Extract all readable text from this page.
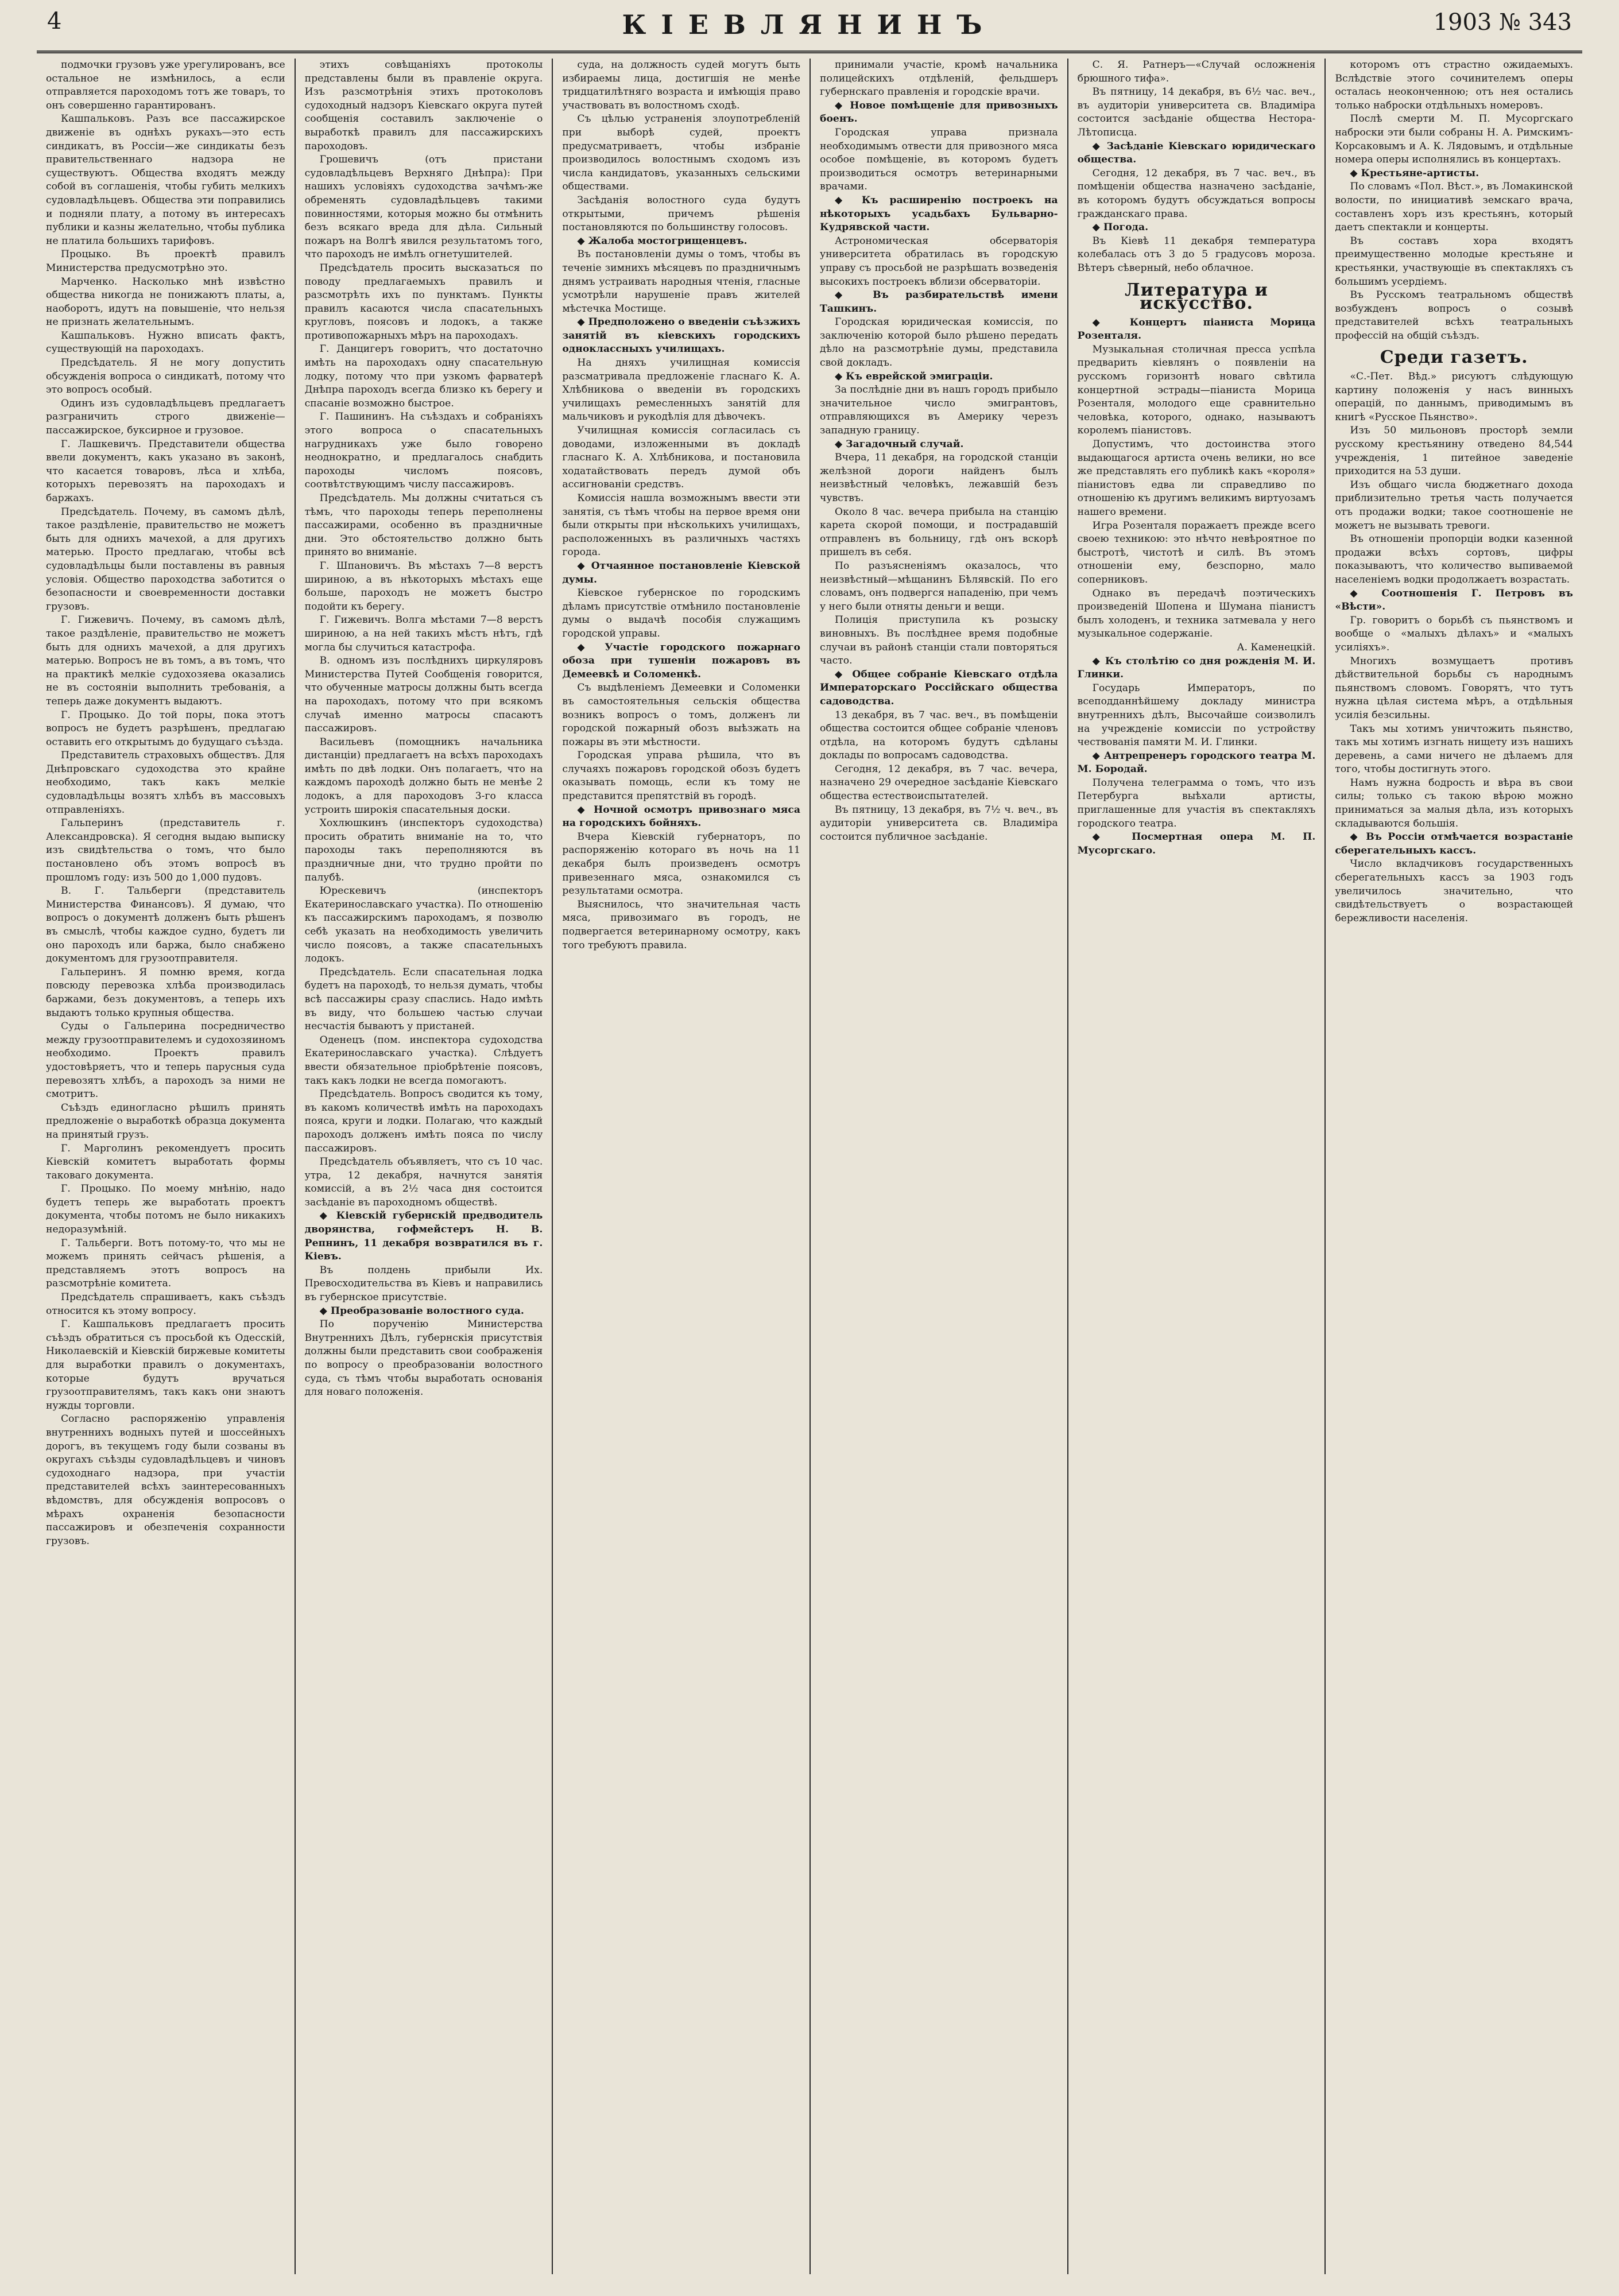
4	КІЕВЛЯНИНЪ	1903 № 343

подмочки грузовъ уже урегулированъ, все остальное не измѣнилось, а если отправляется пароходомъ тотъ же товаръ, то онъ совершенно гарантированъ.

Кашпальковъ. Разъ все пассажирское движеніе въ однѣхъ рукахъ—это есть синдикатъ, въ Россіи—же синдикаты безъ правительственнаго надзора не существуютъ. Общества входятъ между собой въ соглашенія, чтобы губить мелкихъ судовладѣльцевъ. Общества эти поправились и подняли плату, а потому въ интересахъ публики и казны желательно, чтобы публика не платила большихъ тарифовъ.

Процыко. Въ проектѣ правилъ Министерства предусмотрѣно это.

Марченко. Насколько мнѣ извѣстно общества никогда не понижаютъ платы, а, наоборотъ, идутъ на повышеніе, что нельзя не признать желательнымъ.

Кашпальковъ. Нужно вписать фактъ, существующій на пароходахъ.

Предсѣдатель. Я не могу допустить обсужденія вопроса о синдикатѣ, потому что это вопросъ особый.

Одинъ изъ судовладѣльцевъ предлагаетъ разграничить строго движеніе—пассажирское, буксирное и грузовое.

Г. Лашкевичъ. Представители общества ввели документъ, какъ указано въ законѣ, что касается товаровъ, лѣса и хлѣба, которыхъ перевозятъ на пароходахъ и баржахъ.

Предсѣдатель. Почему, въ самомъ дѣлѣ, такое раздѣленіе, правительство не можетъ быть для однихъ мачехой, а для другихъ матерью. Просто предлагаю, чтобы всѣ судовладѣльцы были поставлены въ равныя условія. Общество пароходства заботится о безопасности и своевременности доставки грузовъ.

Г. Гижевичъ. Почему, въ самомъ дѣлѣ, такое раздѣленіе, правительство не можетъ быть для однихъ мачехой, а для другихъ матерью. Вопросъ не въ томъ, а въ томъ, что на практикѣ мелкіе судохозяева оказались не въ состояніи выполнить требованія, а теперь даже документъ выдаютъ.

Г. Процыко. До той поры, пока этотъ вопросъ не будетъ разрѣшенъ, предлагаю оставить его открытымъ до будущаго съѣзда.

Представитель страховыхъ обществъ. Для Днѣпровскаго судоходства это крайне необходимо, такъ какъ мелкіе судовладѣльцы возятъ хлѣбъ въ массовыхъ отправленіяхъ.

Гальперинъ (представитель г. Александровска). Я сегодня выдаю выписку изъ свидѣтельства о томъ, что было постановлено объ этомъ вопросѣ въ прошломъ году: изъ 500 до 1,000 пудовъ.

В. Г. Тальберги (представитель Министерства Финансовъ). Я думаю, что вопросъ о документѣ долженъ быть рѣшенъ въ смыслѣ, чтобы каждое судно, будетъ ли оно пароходъ или баржа, было снабжено документомъ для грузоотправителя.

Гальперинъ. Я помню время, когда повсюду перевозка хлѣба производилась баржами, безъ документовъ, а теперь ихъ выдаютъ только крупныя общества.

Суды о Гальперина посредничество между грузоотправителемъ и судохозяиномъ необходимо. Проектъ правилъ удостовѣряетъ, что и теперь парусныя суда перевозятъ хлѣбъ, а пароходъ за ними не смотритъ.

Съѣздъ единогласно рѣшилъ принять предложеніе о выработкѣ образца документа на принятый грузъ.

Г. Марголинъ рекомендуетъ просить Кіевскій комитетъ выработать формы таковаго документа.

Г. Процыко. По моему мнѣнію, надо будетъ теперь же выработать проектъ документа, чтобы потомъ не было никакихъ недоразумѣній.

Г. Тальберги. Вотъ потому-то, что мы не можемъ принять сейчасъ рѣшенія, а представляемъ этотъ вопросъ на разсмотрѣніе комитета.

Предсѣдатель спрашиваетъ, какъ съѣздъ относится къ этому вопросу.

Г. Кашпальковъ предлагаетъ просить съѣздъ обратиться съ просьбой къ Одесскій, Николаевскій и Кіевскій биржевые комитеты для выработки правилъ о документахъ, которые будутъ вручаться грузоотправителямъ, такъ какъ они знаютъ нужды торговли.

Согласно распоряженію управленія внутреннихъ водныхъ путей и шоссейныхъ дорогъ, въ текущемъ году были созваны въ округахъ съѣзды судовладѣльцевъ и чиновъ судоходнаго надзора, при участіи представителей всѣхъ заинтересованныхъ вѣдомствъ, для обсужденія вопросовъ о мѣрахъ охраненія безопасности пассажировъ и обезпеченія сохранности грузовъ.

этихъ совѣщаніяхъ протоколы представлены были въ правленіе округа. Изъ разсмотрѣнія этихъ протоколовъ судоходный надзоръ Кіевскаго округа путей сообщенія составилъ заключеніе о выработкѣ правилъ для пассажирскихъ пароходовъ.

Грошевичъ (отъ пристани судовладѣльцевъ Верхняго Днѣпра): При нашихъ условіяхъ судоходства зачѣмъ-же обременять судовладѣльцевъ такими повинностями, которыя можно бы отмѣнить безъ всякаго вреда для дѣла. Сильный пожаръ на Волгѣ явился результатомъ того, что пароходъ не имѣлъ огнетушителей.

Предсѣдатель просить высказаться по поводу предлагаемыхъ правилъ и разсмотрѣть ихъ по пунктамъ. Пункты правилъ касаются числа спасательныхъ кругловъ, поясовъ и лодокъ, а также противопожарныхъ мѣръ на пароходахъ.

Г. Данцигеръ говоритъ, что достаточно имѣть на пароходахъ одну спасательную лодку, потому что при узкомъ фарватерѣ Днѣпра пароходъ всегда близко къ берегу и спасаніе возможно быстрое.

Г. Пашининъ. На съѣздахъ и собраніяхъ этого вопроса о спасательныхъ нагрудникахъ уже было говорено неоднократно, и предлагалось снабдить пароходы числомъ поясовъ, соотвѣтствующимъ числу пассажировъ.

Предсѣдатель. Мы должны считаться съ тѣмъ, что пароходы теперь переполнены пассажирами, особенно въ праздничные дни. Это обстоятельство должно быть принято во вниманіе.

Г. Шпановичъ. Въ мѣстахъ 7—8 верстъ шириною, а въ нѣкоторыхъ мѣстахъ еще больше, пароходъ не можетъ быстро подойти къ берегу.

Г. Гижевичъ. Волга мѣстами 7—8 верстъ шириною, а на ней такихъ мѣстъ нѣтъ, гдѣ могла бы случиться катастрофа.

В. одномъ изъ послѣднихъ циркуляровъ Министерства Путей Сообщенія говорится, что обученные матросы должны быть всегда на пароходахъ, потому что при всякомъ случаѣ именно матросы спасаютъ пассажировъ.

Васильевъ (помощникъ начальника дистанціи) предлагаетъ на всѣхъ пароходахъ имѣть по двѣ лодки. Онъ полагаетъ, что на каждомъ пароходѣ должно быть не менѣе 2 лодокъ, а для пароходовъ 3-го класса устроить широкія спасательныя доски.

Хохлюшкинъ (инспекторъ судоходства) просить обратить вниманіе на то, что пароходы такъ переполняются въ праздничные дни, что трудно пройти по палубѣ.

Юрескевичъ (инспекторъ Екатеринославскаго участка). По отношенію къ пассажирскимъ пароходамъ, я позволю себѣ указать на необходимость увеличить число поясовъ, а также спасательныхъ лодокъ.

Предсѣдатель. Если спасательная лодка будетъ на пароходѣ, то нельзя думать, чтобы всѣ пассажиры сразу спаслись. Надо имѣть въ виду, что большею частью случаи несчастія бываютъ у пристаней.

Оденецъ (пом. инспектора судоходства Екатеринославскаго участка). Слѣдуетъ ввести обязательное пріобрѣтеніе поясовъ, такъ какъ лодки не всегда помогаютъ.

Предсѣдатель. Вопросъ сводится къ тому, въ какомъ количествѣ имѣть на пароходахъ пояса, круги и лодки. Полагаю, что каждый пароходъ долженъ имѣть пояса по числу пассажировъ.

Предсѣдатель объявляетъ, что съ 10 час. утра, 12 декабря, начнутся занятія комиссій, а въ 2½ часа дня состоится засѣданіе въ пароходномъ обществѣ.

◆ Кіевскій губернскій предводитель дворянства, гофмейстеръ Н. В. Репнинъ, 11 декабря возвратился въ г. Кіевъ.

Въ полдень прибыли Их. Превосходительства въ Кіевъ и направились въ губернское присутствіе.

◆ Преобразованіе волостного суда.

По порученію Министерства Внутреннихъ Дѣлъ, губернскія присутствія должны были представить свои соображенія по вопросу о преобразованіи волостного суда, съ тѣмъ чтобы выработать основанія для новаго положенія.

суда, на должность судей могутъ быть избираемы лица, достигшія не менѣе тридцатилѣтняго возраста и имѣющія право участвовать въ волостномъ сходѣ.

Съ цѣлью устраненія злоупотребленій при выборѣ судей, проектъ предусматриваетъ, чтобы избраніе производилось волостнымъ сходомъ изъ числа кандидатовъ, указанныхъ сельскими обществами.

Засѣданія волостного суда будутъ открытыми, причемъ рѣшенія постановляются по большинству голосовъ.

◆ Жалоба мостогрищенцевъ.

Въ постановленіи думы о томъ, чтобы въ теченіе зимнихъ мѣсяцевъ по праздничнымъ днямъ устраивать народныя чтенія, гласные усмотрѣли нарушеніе правъ жителей мѣстечка Мостище.

◆ Предположено о введеніи съѣзжихъ занятій въ кіевскихъ городскихъ одноклассныхъ училищахъ.

На дняхъ училищная комиссія разсматривала предложеніе гласнаго К. А. Хлѣбникова о введеніи въ городскихъ училищахъ ремесленныхъ занятій для мальчиковъ и рукодѣлія для дѣвочекъ.

Училищная комиссія согласилась съ доводами, изложенными въ докладѣ гласнаго К. А. Хлѣбникова, и постановила ходатайствовать передъ думой объ ассигнованіи средствъ.

Комиссія нашла возможнымъ ввести эти занятія, съ тѣмъ чтобы на первое время они были открыты при нѣсколькихъ училищахъ, расположенныхъ въ различныхъ частяхъ города.

◆ Отчаянное постановленіе Кіевской думы.

Кіевское губернское по городскимъ дѣламъ присутствіе отмѣнило постановленіе думы о выдачѣ пособія служащимъ городской управы.

◆ Участіе городского пожарнаго обоза при тушеніи пожаровъ въ Демеевкѣ и Соломенкѣ.

Съ выдѣленіемъ Демеевки и Соломенки въ самостоятельныя сельскія общества возникъ вопросъ о томъ, долженъ ли городской пожарный обозъ выѣзжать на пожары въ эти мѣстности.

Городская управа рѣшила, что въ случаяхъ пожаровъ городской обозъ будетъ оказывать помощь, если къ тому не представится препятствій въ городѣ.

◆ Ночной осмотръ привознаго мяса на городскихъ бойняхъ.

Вчера Кіевскій губернаторъ, по распоряженію котораго въ ночь на 11 декабря былъ произведенъ осмотръ привезеннаго мяса, ознакомился съ результатами осмотра.

Выяснилось, что значительная часть мяса, привозимаго въ городъ, не подвергается ветеринарному осмотру, какъ того требуютъ правила.

принимали участіе, кромѣ начальника полицейскихъ отдѣленій, фельдшеръ губернскаго правленія и городскіе врачи.

◆ Новое помѣщеніе для привозныхъ боенъ.

Городская управа признала необходимымъ отвести для привозного мяса особое помѣщеніе, въ которомъ будетъ производиться осмотръ ветеринарными врачами.

◆ Къ расширенію построекъ на нѣкоторыхъ усадьбахъ Бульварно-Кудрявской части.

Астрономическая обсерваторія университета обратилась въ городскую управу съ просьбой не разрѣшать возведенія высокихъ построекъ вблизи обсерваторіи.

◆ Въ разбирательствѣ имени Ташкинъ.

Городская юридическая комиссія, по заключенію которой было рѣшено передать дѣло на разсмотрѣніе думы, представила свой докладъ.

◆ Къ еврейской эмиграціи.

За послѣдніе дни въ нашъ городъ прибыло значительное число эмигрантовъ, отправляющихся въ Америку черезъ западную границу.

◆ Загадочный случай.

Вчера, 11 декабря, на городской станціи желѣзной дороги найденъ былъ неизвѣстный человѣкъ, лежавшій безъ чувствъ.

Около 8 час. вечера прибыла на станцію карета скорой помощи, и пострадавшій отправленъ въ больницу, гдѣ онъ вскорѣ пришелъ въ себя.

По разъясненіямъ оказалось, что неизвѣстный—мѣщанинъ Бѣлявскій. По его словамъ, онъ подвергся нападенію, при чемъ у него были отняты деньги и вещи.

Полиція приступила къ розыску виновныхъ. Въ послѣднее время подобные случаи въ районѣ станціи стали повторяться часто.

◆ Общее собраніе Кіевскаго отдѣла Императорскаго Россійскаго общества садоводства.

13 декабря, въ 7 час. веч., въ помѣщеніи общества состоится общее собраніе членовъ отдѣла, на которомъ будутъ сдѣланы доклады по вопросамъ садоводства.

Сегодня, 12 декабря, въ 7 час. вечера, назначено 29 очередное засѣданіе Кіевскаго общества естествоиспытателей.

Въ пятницу, 13 декабря, въ 7½ ч. веч., въ аудиторіи университета св. Владиміра состоится публичное засѣданіе.

С. Я. Ратнеръ—«Случай осложненія брюшного тифа».

Въ пятницу, 14 декабря, въ 6½ час. веч., въ аудиторіи университета св. Владиміра состоится засѣданіе общества Нестора-Лѣтописца.

◆ Засѣданіе Кіевскаго юридическаго общества.

Сегодня, 12 декабря, въ 7 час. веч., въ помѣщеніи общества назначено засѣданіе, въ которомъ будутъ обсуждаться вопросы гражданскаго права.

◆ Погода.

Въ Кіевѣ 11 декабря температура колебалась отъ 3 до 5 градусовъ мороза. Вѣтеръ сѣверный, небо облачное.

Литература и искусство.

◆ Концертъ піаниста Морица Розенталя.

Музыкальная столичная пресса успѣла предварить кіевлянъ о появленіи на русскомъ горизонтѣ новаго свѣтила концертной эстрады—піаниста Морица Розенталя, молодого еще сравнительно человѣка, которого, однако, называютъ королемъ піанистовъ.

Допустимъ, что достоинства этого выдающагося артиста очень велики, но все же представлять его публикѣ какъ «короля» піанистовъ едва ли справедливо по отношенію къ другимъ великимъ виртуозамъ нашего времени.

Игра Розенталя поражаетъ прежде всего своею техникою: это нѣчто невѣроятное по быстротѣ, чистотѣ и силѣ. Въ этомъ отношеніи ему, безспорно, мало соперниковъ.

Однако въ передачѣ поэтическихъ произведеній Шопена и Шумана піанистъ былъ холоденъ, и техника затмевала у него музыкальное содержаніе.

А. Каменецкій.

◆ Къ столѣтію со дня рожденія М. И. Глинки.

Государь Императоръ, по всеподданнѣйшему докладу министра внутреннихъ дѣлъ, Высочайше соизволилъ на учрежденіе комиссіи по устройству чествованія памяти М. И. Глинки.

◆ Антрепренеръ городского театра М. М. Бородай.

Получена телеграмма о томъ, что изъ Петербурга выѣхали артисты, приглашенные для участія въ спектакляхъ городского театра.

◆ Посмертная опера М. П. Мусоргскаго.

которомъ отъ страстно ожидаемыхъ. Вслѣдствіе этого сочинителемъ оперы осталась неоконченною; отъ нея остались только наброски отдѣльныхъ номеровъ.

Послѣ смерти М. П. Мусоргскаго наброски эти были собраны Н. А. Римскимъ-Корсаковымъ и А. К. Лядовымъ, и отдѣльные номера оперы исполнялись въ концертахъ.

◆ Крестьяне-артисты.

По словамъ «Пол. Вѣст.», въ Ломакинской волости, по инициативѣ земскаго врача, составленъ хоръ изъ крестьянъ, который даетъ спектакли и концерты.

Въ составъ хора входятъ преимущественно молодые крестьяне и крестьянки, участвующіе въ спектакляхъ съ большимъ усердіемъ.

Въ Русскомъ театральномъ обществѣ возбужденъ вопросъ о созывѣ представителей всѣхъ театральныхъ профессій на общій съѣздъ.

Среди газетъ.

«С.-Пет. Вѣд.» рисуютъ слѣдующую картину положенія у насъ винныхъ операцій, по даннымъ, приводимымъ въ книгѣ «Русское Пьянство».

Изъ 50 мильоновъ просторѣ земли русскому крестьянину отведено 84,544 учрежденія, 1 питейное заведеніе приходится на 53 души.

Изъ общаго числа бюджетнаго дохода приблизительно третья часть получается отъ продажи водки; такое соотношеніе не можетъ не вызывать тревоги.

Въ отношеніи пропорціи водки казенной продажи всѣхъ сортовъ, цифры показываютъ, что количество выпиваемой населеніемъ водки продолжаетъ возрастать.

◆ Соотношенія Г. Петровъ въ «Вѣсти».

Гр. говоритъ о борьбѣ съ пьянствомъ и вообще о «малыхъ дѣлахъ» и «малыхъ усиліяхъ».

Многихъ возмущаетъ противъ дѣйствительной борьбы съ народнымъ пьянствомъ словомъ. Говорятъ, что тутъ нужна цѣлая система мѣръ, а отдѣльныя усилія безсильны.

Такъ мы хотимъ уничтожить пьянство, такъ мы хотимъ изгнать нищету изъ нашихъ деревень, а сами ничего не дѣлаемъ для того, чтобы достигнуть этого.

Намъ нужна бодрость и вѣра въ свои силы; только съ такою вѣрою можно приниматься за малыя дѣла, изъ которыхъ складываются большія.

◆ Въ Россіи отмѣчается возрастаніе сберегательныхъ кассъ.

Число вкладчиковъ государственныхъ сберегательныхъ кассъ за 1903 годъ увеличилось значительно, что свидѣтельствуетъ о возрастающей бережливости населенія.
